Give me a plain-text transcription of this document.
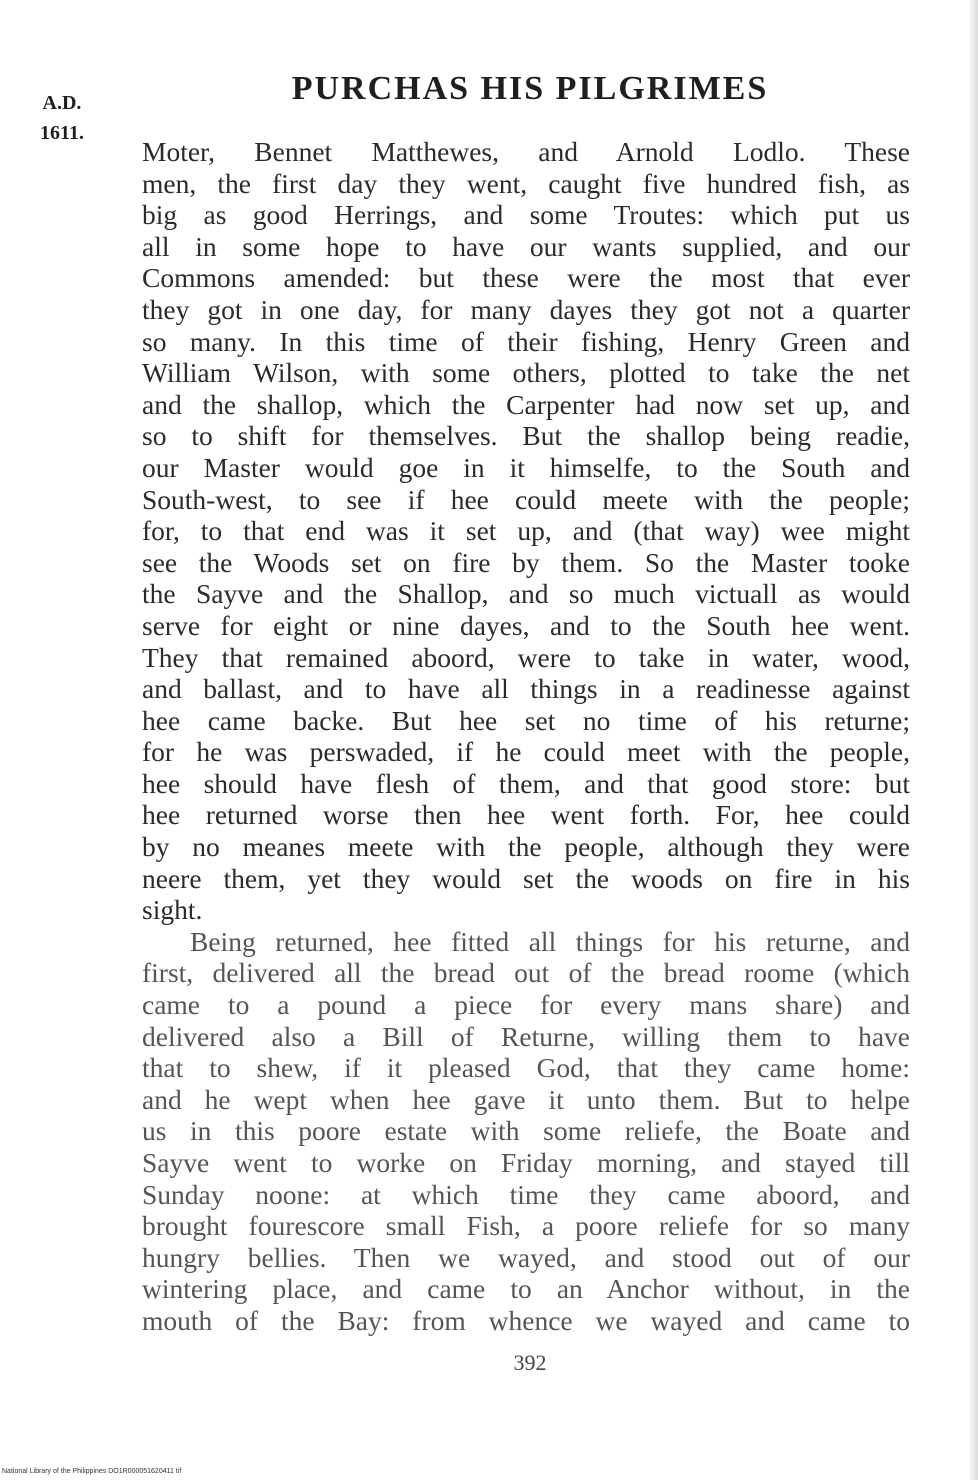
A.D.
1611.
PURCHAS HIS PILGRIMES
Moter, Bennet Matthewes, and Arnold Lodlo. These
men, the first day they went, caught five hundred fish, as
big as good Herrings, and some Troutes: which put us
all in some hope to have our wants supplied, and our
Commons amended: but these were the most that ever
they got in one day, for many dayes they got not a quarter
so many. In this time of their fishing, Henry Green and
William Wilson, with some others, plotted to take the net
and the shallop, which the Carpenter had now set up, and
so to shift for themselves. But the shallop being readie,
our Master would goe in it himselfe, to the South and
South-west, to see if hee could meete with the people;
for, to that end was it set up, and (that way) wee might
see the Woods set on fire by them. So the Master tooke
the Sayve and the Shallop, and so much victuall as would
serve for eight or nine dayes, and to the South hee went.
They that remained aboord, were to take in water, wood,
and ballast, and to have all things in a readinesse against
hee came backe. But hee set no time of his returne;
for he was perswaded, if he could meet with the people,
hee should have flesh of them, and that good store: but
hee returned worse then hee went forth. For, hee could
by no meanes meete with the people, although they were
neere them, yet they would set the woods on fire in his
sight.
Being returned, hee fitted all things for his returne, and
first, delivered all the bread out of the bread roome (which
came to a pound a piece for every mans share) and
delivered also a Bill of Returne, willing them to have
that to shew, if it pleased God, that they came home:
and he wept when hee gave it unto them. But to helpe
us in this poore estate with some reliefe, the Boate and
Sayve went to worke on Friday morning, and stayed till
Sunday noone: at which time they came aboord, and
brought fourescore small Fish, a poore reliefe for so many
hungry bellies. Then we wayed, and stood out of our
wintering place, and came to an Anchor without, in the
mouth of the Bay: from whence we wayed and came to
392
National Library of the Philippines DO1R000051620411 tif
